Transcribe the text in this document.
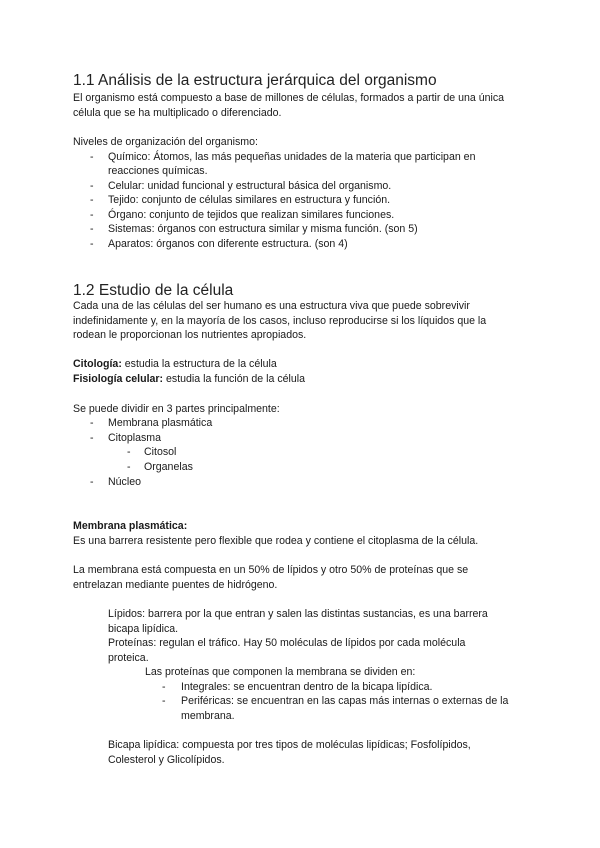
1.1 Análisis de la estructura jerárquica del organismo
El organismo está compuesto a base de millones de células, formados a partir de una única
célula que se ha multiplicado o diferenciado.
Niveles de organización del organismo:
- Químico: Átomos, las más pequeñas unidades de la materia que participan en
reacciones químicas.
- Celular: unidad funcional y estructural básica del organismo.
- Tejido: conjunto de células similares en estructura y función.
- Órgano: conjunto de tejidos que realizan similares funciones.
- Sistemas: órganos con estructura similar y misma función. (son 5)
- Aparatos: órganos con diferente estructura. (son 4)
1.2 Estudio de la célula
Cada una de las células del ser humano es una estructura viva que puede sobrevivir
indefinidamente y, en la mayoría de los casos, incluso reproducirse si los líquidos que la
rodean le proporcionan los nutrientes apropiados.
Citología: estudia la estructura de la célula
Fisiología celular: estudia la función de la célula
Se puede dividir en 3 partes principalmente:
- Membrana plasmática
- Citoplasma
- Citosol
- Organelas
- Núcleo
Membrana plasmática:
Es una barrera resistente pero flexible que rodea y contiene el citoplasma de la célula.
La membrana está compuesta en un 50% de lípidos y otro 50% de proteínas que se
entrelazan mediante puentes de hidrógeno.
Lípidos: barrera por la que entran y salen las distintas sustancias, es una barrera
bicapa lipídica.
Proteínas: regulan el tráfico. Hay 50 moléculas de lípidos por cada molécula
proteica.
Las proteínas que componen la membrana se dividen en:
- Integrales: se encuentran dentro de la bicapa lipídica.
- Periféricas: se encuentran en las capas más internas o externas de la
membrana.
Bicapa lipídica: compuesta por tres tipos de moléculas lipídicas; Fosfolípidos,
Colesterol y Glicolípidos.
